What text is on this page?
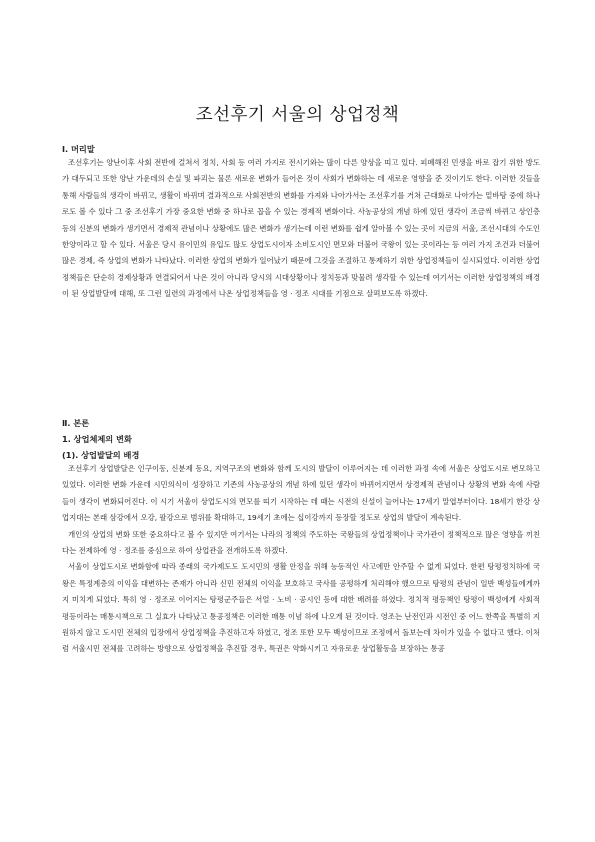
조선후기 서울의 상업정책

Ⅰ. 머리말

조선후기는 양난이후 사회 전반에 걸쳐서 정치, 사회 등 여러 가지로 전시기와는 많이 다른 양상을 띠고 있다. 피폐해진 민생을 바로 잡기 위한 방도가 대두되고 또한 양난 가운데의 손실 및 파괴는 물론 새로운 변화가 들어온 것이 사회가 변화하는 데 새로운 영향을 준 것이기도 한다. 이러한 것들을 통해 사람들의 생각이 바뀌고, 생활이 바뀌며 결과적으로 사회전반의 변화를 가져와 나아가서는 조선후기를 거쳐 근대화로 나아가는 밑바탕 중에 하나로도 볼 수 있다 그 중 조선후기 가장 중요한 변화 중 하나로 꼽을 수 있는 경제적 변화이다. 사농공상의 개념 하에 있던 생각이 조금씩 바뀌고 상인층등의 신분의 변화가 생기면서 경제적 관념이나 상황에도 많은 변화가 생기는데 이런 변화를 쉽게 알아볼 수 있는 곳이 지금의 서울, 조선시대의 수도인 한양이라고 할 수 있다. 서울은 당시 유이민의 유입도 많도 상업도시이자 소비도시인 면모와 더불어 국왕이 있는 곳이라는 등 여러 가지 조건과 더불어 많은 경제, 즉 상업의 변화가 나타났다. 이러한 상업의 변화가 일어났기 때문에 그것을 조절하고 통제하기 위한 상업정책들이 실시되었다. 이러한 상업정책들은 단순히 경제상황과 연결되어서 나온 것이 아니라 당시의 시대상황이나 정치등과 맞물려 생각할 수 있는데 여기서는 이러한 상업정책의 배경이 된 상업발달에 대해, 또 그런 일련의 과정에서 나온 상업정책들을 영 · 정조 시대를 기점으로 살펴보도록 하겠다.

Ⅱ. 본론

1. 상업체제의 변화

(1). 상업발달의 배경

조선후기 상업발달은 인구이동, 신분제 동요, 지역구조의 변화와 함께 도시의 발달이 이루어지는 데 이러한 과정 속에 서울은 상업도시로 변모하고 있었다. 이러한 변화 가운데 시민의식이 성장하고 기존의 사농공상의 개념 하에 있던 생각이 바뀌어지면서 상경제적 관념이나 상황의 변화 속에 사람들이 생각이 변화되어진다. 이 시기 서울이 상업도시의 면모를 띠기 시작하는 데 때는 시전의 신설이 늘어나는 17세기 말엽부터이다. 18세기 한강 상업지대는 본래 삼강에서 오강, 팔강으로 범위를 확대하고, 19세기 초에는 십이강까지 등장할 정도로 상업의 발달이 계속된다.

개인의 상업의 변화 또한 중요하다고 볼 수 있지만 여기서는 나라의 정책의 주도하는 국왕들의 상업정책이나 국가관이 정책적으로 많은 영향을 끼친다는 전제하에 영 · 정조를 중심으로 하여 상업관을 전개하도록 하겠다.

서울이 상업도시로 변화함에 따라 종래의 국가제도도 도시민의 생활 안정을 위해 능동적인 사고에만 안주할 수 없게 되었다. 한편 탕평정치하에 국왕은 특정계층의 이익을 대변하는 존재가 아니라 신민 전체의 이익을 보호하고 국사를 공평하게 처리해야 했으므로 탕평의 관념이 일반 백성들에게까지 미치게 되었다. 특히 영 · 정조로 이어지는 탕평군주들은 서얼 · 노비 · 공시인 등에 대한 배려를 하였다. 정치적 평등책인 탕평이 백성에게 사회적 평등이라는 매통시책으로 그 실효가 나타났고 통공정책은 이러한 매통 이념 하에 나오게 된 것이다. 영조는 난전인과 시전인 중 어느 한쪽을 특별히 지원하지 않고 도시민 전체의 입장에서 상업정책을 추진하고자 하였고, 정조 또한 모두 백성이므로 조정에서 돌보는데 차이가 있을 수 없다고 했다. 이처럼 서울시민 전체를 고려하는 방향으로 상업정책을 추진할 경우, 특권은 약화시키고 자유로운 상업활동을 보장하는 통공
